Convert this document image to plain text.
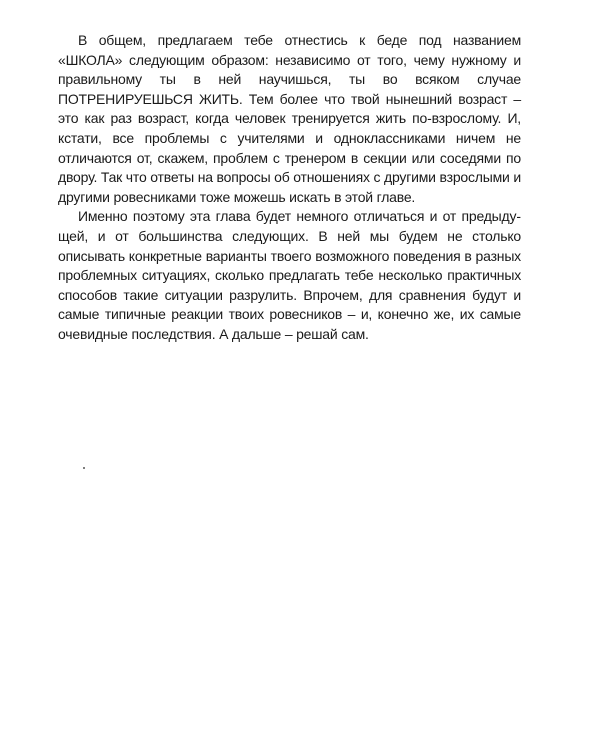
В общем, предлагаем тебе отнестись к беде под названием «ШКОЛА» следующим образом: независимо от того, чему нужному и правильному ты в ней научишься, ты во всяком случае ПОТРЕНИРУЕШЬСЯ ЖИТЬ. Тем более что твой нынешний возраст – это как раз возраст, когда человек тренируется жить по-взрослому. И, кстати, все проблемы с учителями и одноклассниками ничем не отличаются от, скажем, проблем с тренером в секции или соседями по двору. Так что ответы на вопросы об отношениях с другими взрослыми и другими ровесниками тоже можешь искать в этой главе.

Именно поэтому эта глава будет немного отличаться и от предыдущей, и от большинства следующих. В ней мы будем не столько описывать конкретные варианты твоего возможного поведения в разных проблемных ситуациях, сколько предлагать тебе несколько практичных способов такие ситуации разрулить. Впрочем, для сравнения будут и самые типичные реакции твоих ровесников – и, конечно же, их самые очевидные последствия. А дальше – решай сам.
